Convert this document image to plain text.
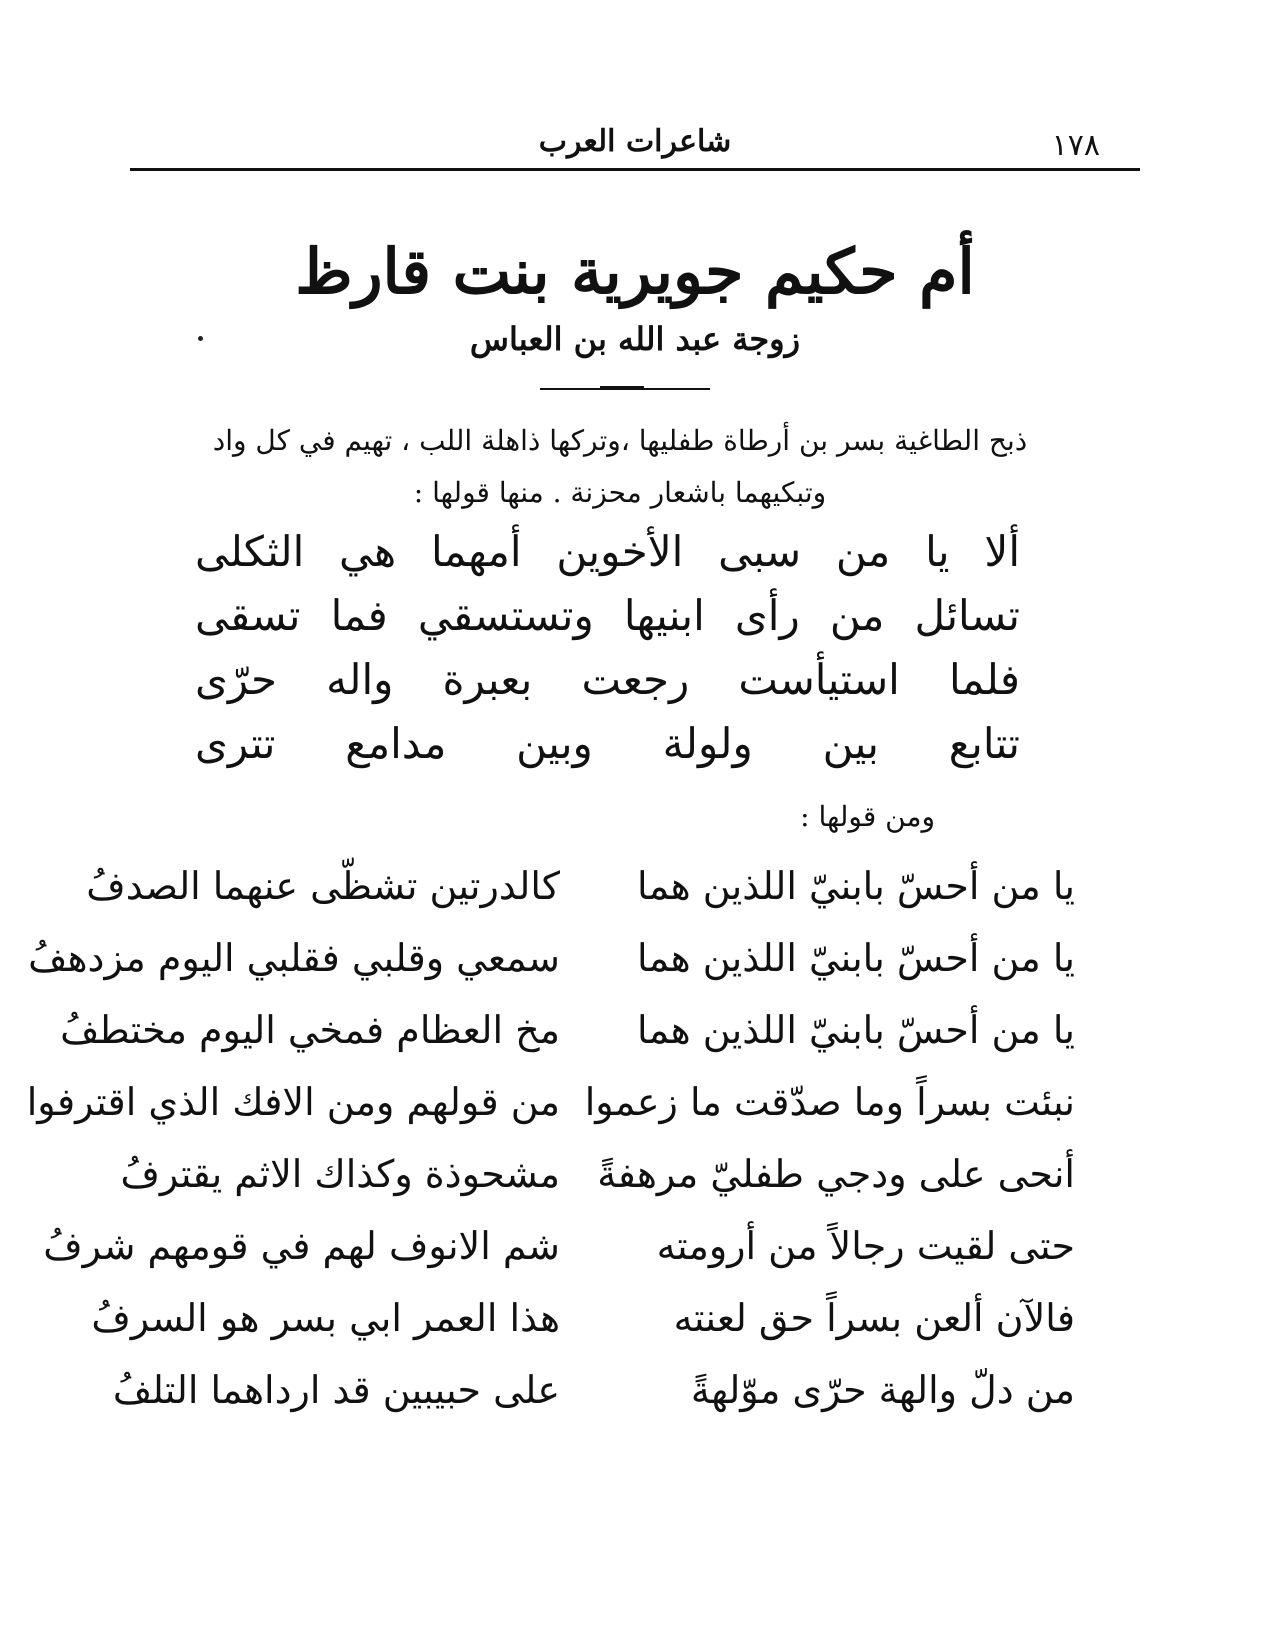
١٧٨
شاعرات العرب
أم حكيم جويرية بنت قارظ
زوجة عبد الله بن العباس
ذبح الطاغية بسر بن أرطاة طفليها ،وتركها ذاهلة اللب ، تهيم في كل واد
وتبكيهما باشعار محزنة . منها قولها :
ألا يا من سبى الأخوين أمهما هي الثكلى
تسائل من رأى ابنيها وتستسقي فما تسقى
فلما استيأست رجعت بعبرة واله حرّى
تتابع بين ولولة وبين مدامع تترى
ومن قولها :
يا من أحسّ بابنيّ اللذين هما
كالدرتين تشظّى عنهما الصدفُ
يا من أحسّ بابنيّ اللذين هما
سمعي وقلبي فقلبي اليوم مزدهفُ
يا من أحسّ بابنيّ اللذين هما
مخ العظام فمخي اليوم مختطفُ
نبئت بسراً وما صدّقت ما زعموا
من قولهم ومن الافك الذي اقترفوا
أنحى على ودجي طفليّ مرهفةً
مشحوذة وكذاك الاثم يقترفُ
حتى لقيت رجالاً من أرومته
شم الانوف لهم في قومهم شرفُ
فالآن ألعن بسراً حق لعنته
هذا العمر ابي بسر هو السرفُ
من دلّ والهة حرّى موّلهةً
على حبيبين قد ارداهما التلفُ
